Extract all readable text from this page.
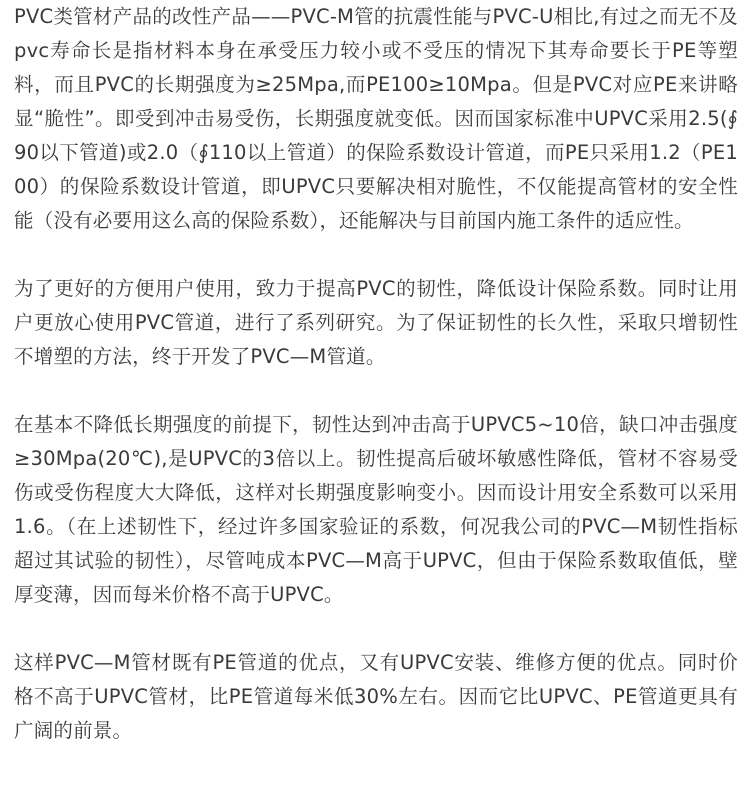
PVC类管材产品的改性产品——PVC-M管的抗震性能与PVC-U相比,有过之而无不及pvc寿命长是指材料本身在承受压力较小或不受压的情况下其寿命要长于PE等塑料，而且PVC的长期强度为≥25Mpa,而PE100≥10Mpa。但是PVC对应PE来讲略显“脆性”。即受到冲击易受伤，长期强度就变低。因而国家标准中UPVC采用2.5(∮90以下管道)或2.0（∮110以上管道）的保险系数设计管道，而PE只采用1.2（PE100）的保险系数设计管道，即UPVC只要解决相对脆性，不仅能提高管材的安全性能（没有必要用这么高的保险系数），还能解决与目前国内施工条件的适应性。

为了更好的方便用户使用，致力于提高PVC的韧性，降低设计保险系数。同时让用户更放心使用PVC管道，进行了系列研究。为了保证韧性的长久性，采取只增韧性不增塑的方法，终于开发了PVC—M管道。

在基本不降低长期强度的前提下，韧性达到冲击高于UPVC5~10倍，缺口冲击强度≥30Mpa(20℃),是UPVC的3倍以上。韧性提高后破坏敏感性降低，管材不容易受伤或受伤程度大大降低，这样对长期强度影响变小。因而设计用安全系数可以采用1.6。（在上述韧性下，经过许多国家验证的系数，何况我公司的PVC—M韧性指标超过其试验的韧性），尽管吨成本PVC—M高于UPVC，但由于保险系数取值低，壁厚变薄，因而每米价格不高于UPVC。

这样PVC—M管材既有PE管道的优点，又有UPVC安装、维修方便的优点。同时价格不高于UPVC管材，比PE管道每米低30%左右。因而它比UPVC、PE管道更具有广阔的前景。
